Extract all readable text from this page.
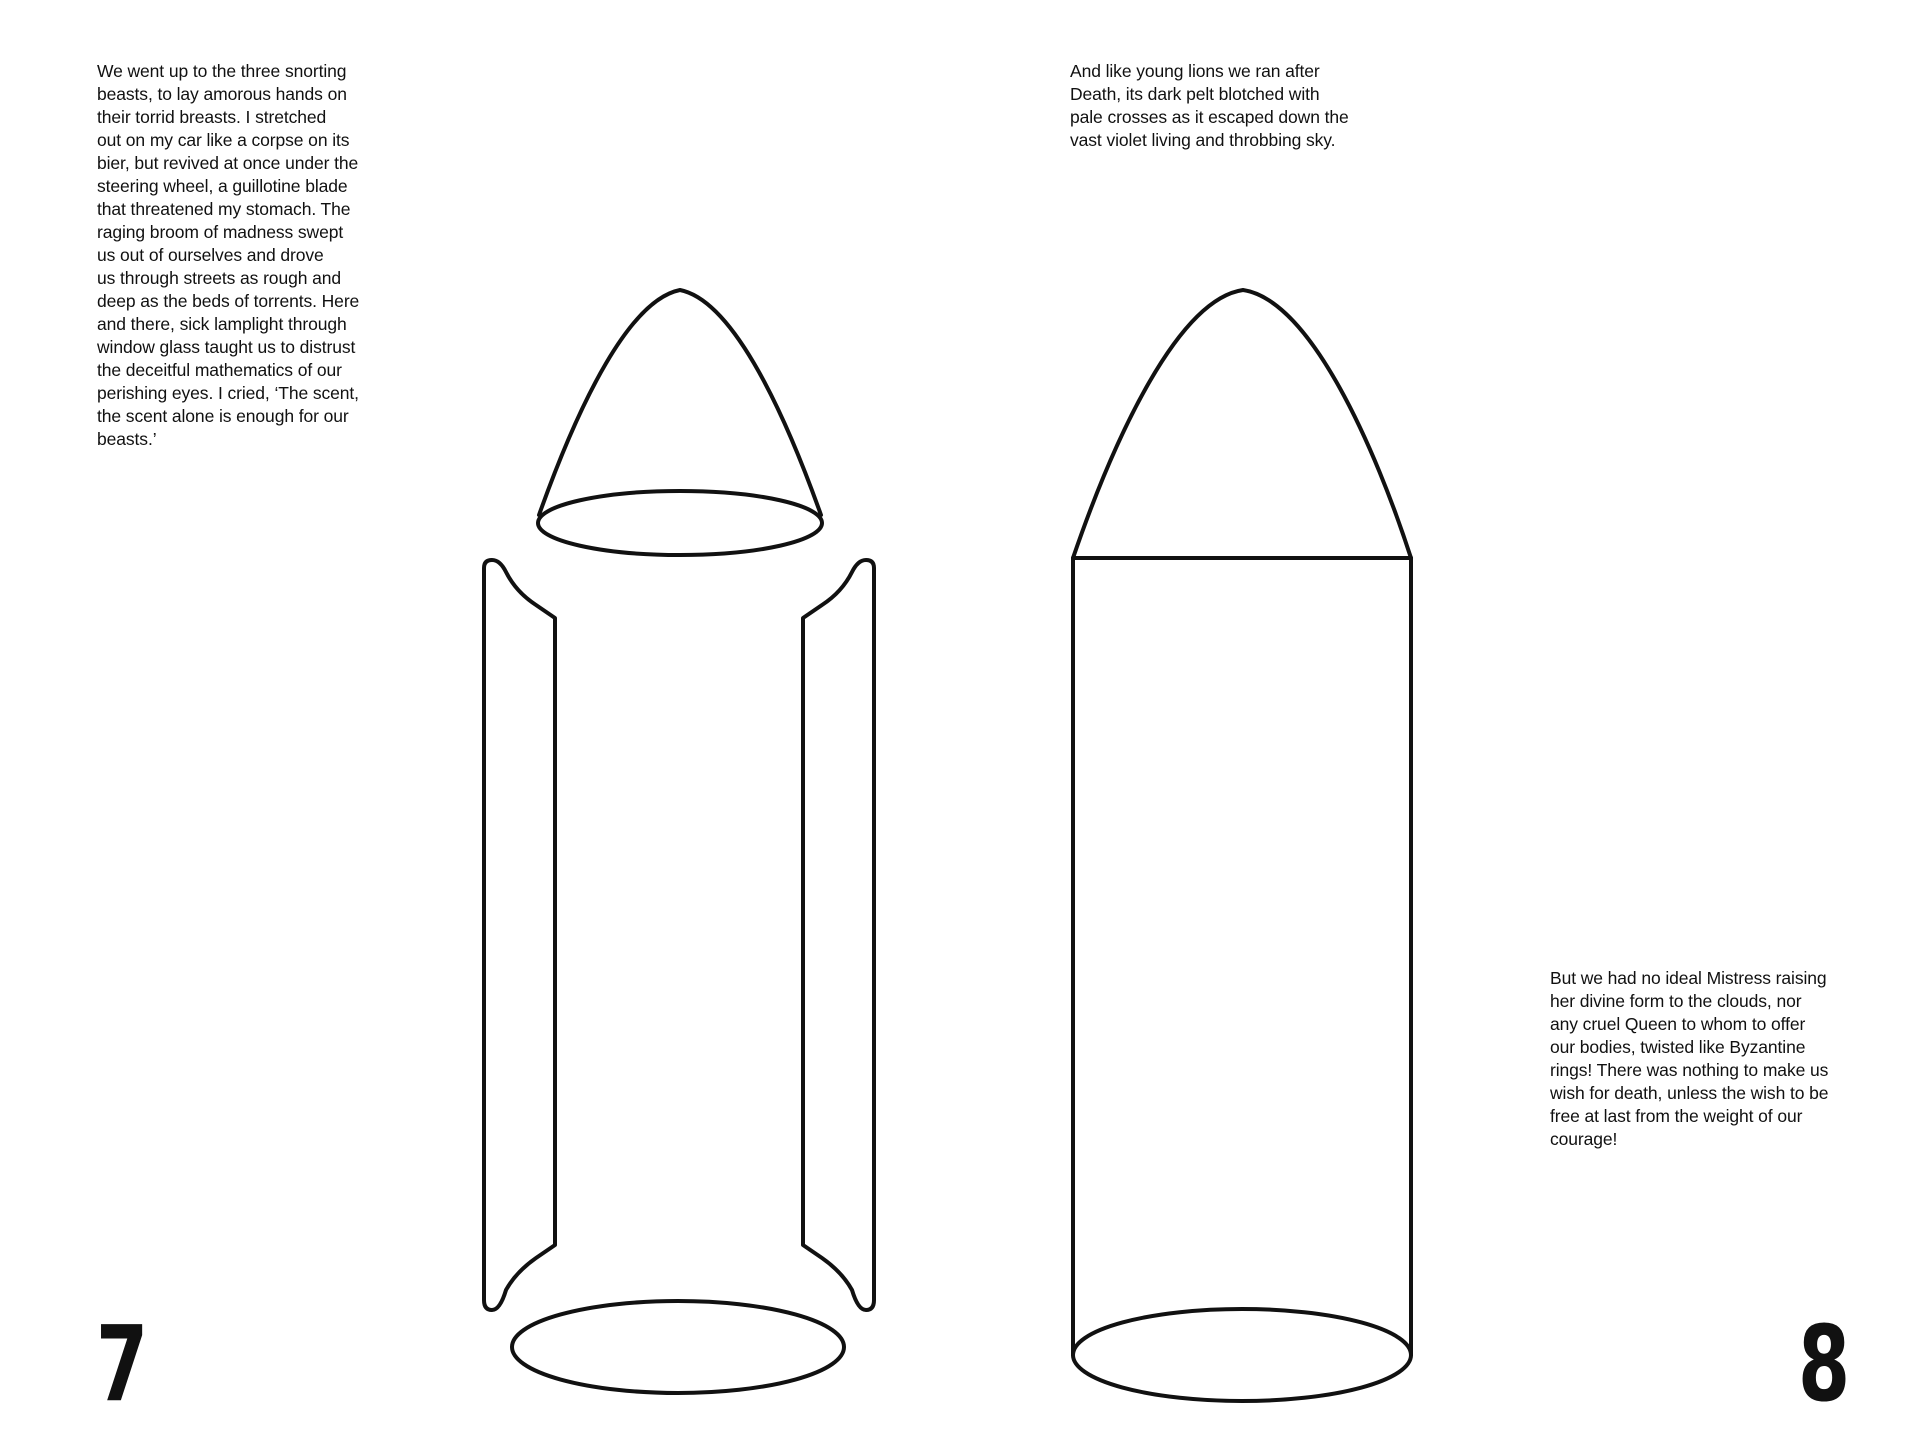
We went up to the three snorting
beasts, to lay amorous hands on
their torrid breasts. I stretched
out on my car like a corpse on its
bier, but revived at once under the
steering wheel, a guillotine blade
that threatened my stomach. The
raging broom of madness swept
us out of ourselves and drove
us through streets as rough and
deep as the beds of torrents. Here
and there, sick lamplight through
window glass taught us to distrust
the deceitful mathematics of our
perishing eyes. I cried, ‘The scent,
the scent alone is enough for our
beasts.’
And like young lions we ran after
Death, its dark pelt blotched with
pale crosses as it escaped down the
vast violet living and throbbing sky.
But we had no ideal Mistress raising
her divine form to the clouds, nor
any cruel Queen to whom to offer
our bodies, twisted like Byzantine
rings! There was nothing to make us
wish for death, unless the wish to be
free at last from the weight of our
courage!
7	8
